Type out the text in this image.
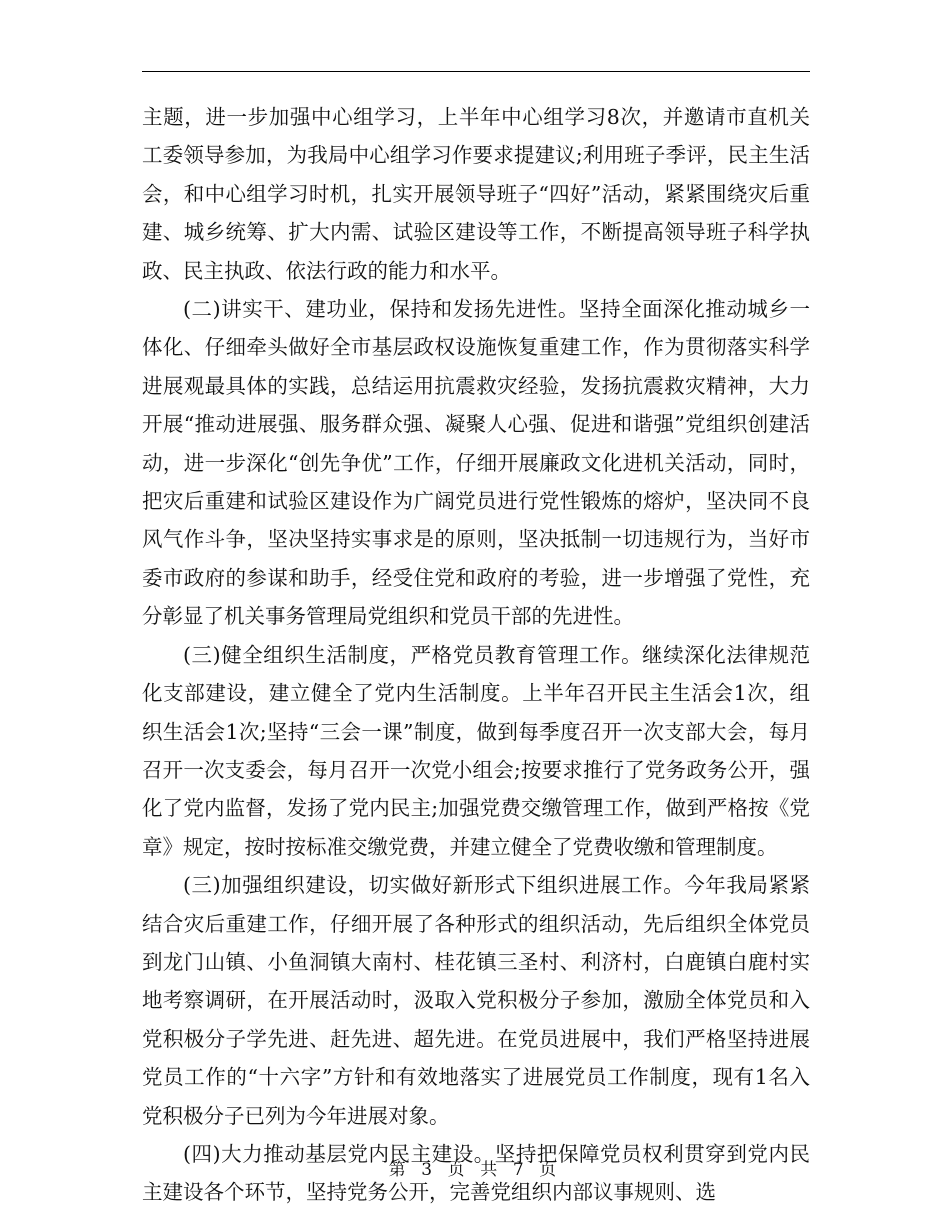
主题，进一步加强中心组学习，上半年中心组学习8次，并邀请市直机关工委领导参加，为我局中心组学习作要求提建议;利用班子季评，民主生活会，和中心组学习时机，扎实开展领导班子“四好”活动，紧紧围绕灾后重建、城乡统筹、扩大内需、试验区建设等工作，不断提高领导班子科学执政、民主执政、依法行政的能力和水平。

(二)讲实干、建功业，保持和发扬先进性。坚持全面深化推动城乡一体化、仔细牵头做好全市基层政权设施恢复重建工作，作为贯彻落实科学进展观最具体的实践，总结运用抗震救灾经验，发扬抗震救灾精神，大力开展“推动进展强、服务群众强、凝聚人心强、促进和谐强”党组织创建活动，进一步深化“创先争优”工作，仔细开展廉政文化进机关活动，同时，把灾后重建和试验区建设作为广阔党员进行党性锻炼的熔炉，坚决同不良风气作斗争，坚决坚持实事求是的原则，坚决抵制一切违规行为，当好市委市政府的参谋和助手，经受住党和政府的考验，进一步增强了党性，充分彰显了机关事务管理局党组织和党员干部的先进性。

(三)健全组织生活制度，严格党员教育管理工作。继续深化法律规范化支部建设，建立健全了党内生活制度。上半年召开民主生活会1次，组织生活会1次;坚持“三会一课”制度，做到每季度召开一次支部大会，每月召开一次支委会，每月召开一次党小组会;按要求推行了党务政务公开，强化了党内监督，发扬了党内民主;加强党费交缴管理工作，做到严格按《党章》规定，按时按标准交缴党费，并建立健全了党费收缴和管理制度。

(三)加强组织建设，切实做好新形式下组织进展工作。今年我局紧紧结合灾后重建工作，仔细开展了各种形式的组织活动，先后组织全体党员到龙门山镇、小鱼洞镇大南村、桂花镇三圣村、利济村，白鹿镇白鹿村实地考察调研，在开展活动时，汲取入党积极分子参加，激励全体党员和入党积极分子学先进、赶先进、超先进。在党员进展中，我们严格坚持进展党员工作的“十六字”方针和有效地落实了进展党员工作制度，现有1名入党积极分子已列为今年进展对象。

(四)大力推动基层党内民主建设。坚持把保障党员权利贯穿到党内民主建设各个环节，坚持党务公开，完善党组织内部议事规则、选

第 3 页 共 7 页
